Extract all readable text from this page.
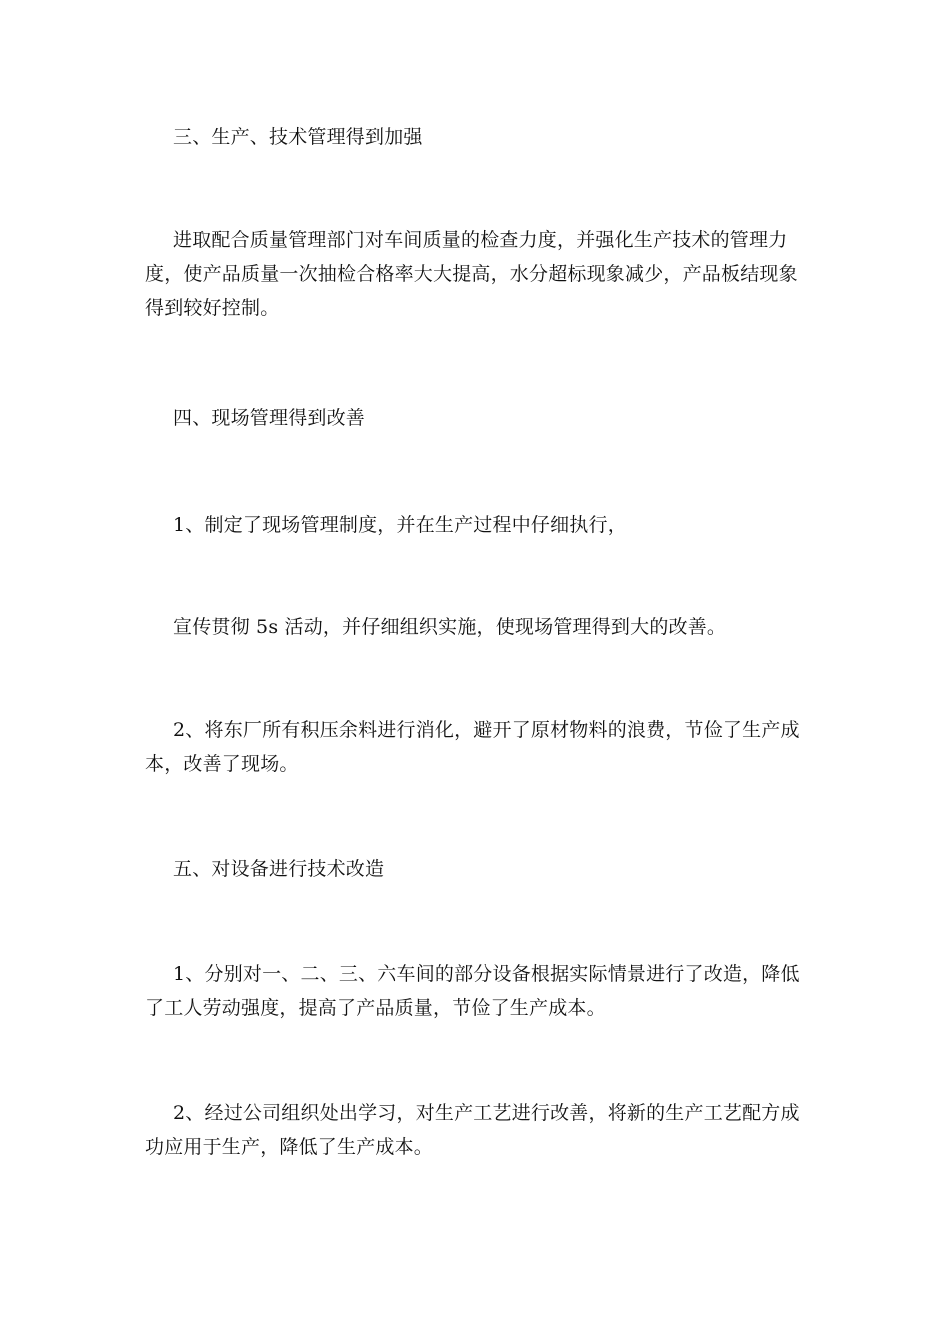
三、生产、技术管理得到加强

进取配合质量管理部门对车间质量的检查力度，并强化生产技术的管理力度，使产品质量一次抽检合格率大大提高，水分超标现象减少，产品板结现象得到较好控制。

四、现场管理得到改善

1、制定了现场管理制度，并在生产过程中仔细执行，

宣传贯彻 5s 活动，并仔细组织实施，使现场管理得到大的改善。

2、将东厂所有积压余料进行消化，避开了原材物料的浪费，节俭了生产成本，改善了现场。

五、对设备进行技术改造

1、分别对一、二、三、六车间的部分设备根据实际情景进行了改造，降低了工人劳动强度，提高了产品质量，节俭了生产成本。

2、经过公司组织处出学习，对生产工艺进行改善，将新的生产工艺配方成功应用于生产，降低了生产成本。
